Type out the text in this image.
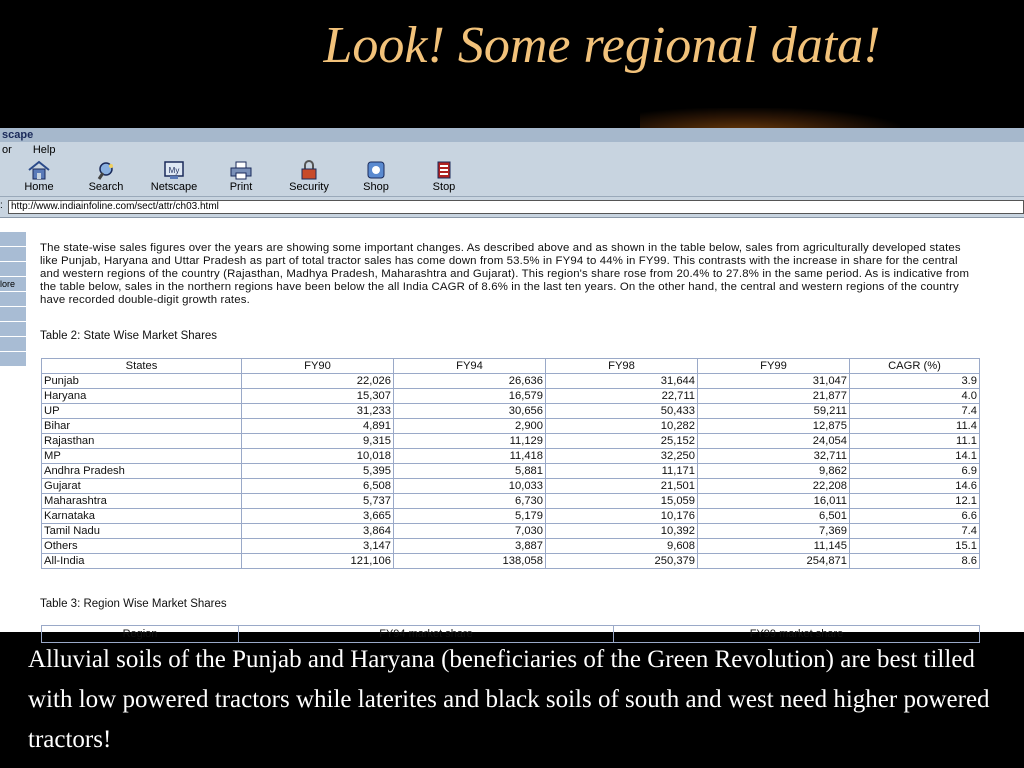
Look! Some regional data!
scape
or Help
Home	Search
My
Netscape	Print	Security	Shop	Stop
: http://www.indiainfoline.com/sect/attr/ch03.html
lore
The state-wise sales figures over the years are showing some important changes. As described above and as shown in the table below, sales from agriculturally developed states like Punjab, Haryana and Uttar Pradesh as part of total tractor sales has come down from 53.5% in FY94 to 44% in FY99. This contrasts with the increase in share for the central and western regions of the country (Rajasthan, Madhya Pradesh, Maharashtra and Gujarat). This region's share rose from 20.4% to 27.8% in the same period. As is indicative from the table below, sales in the northern regions have been below the all India CAGR of 8.6% in the last ten years. On the other hand, the central and western regions of the country have recorded double-digit growth rates.
Table 2: State Wise Market Shares
States	FY90	FY94	FY98	FY99	CAGR (%)
Punjab	22,026	26,636	31,644	31,047	3.9
Haryana	15,307	16,579	22,711	21,877	4.0
UP	31,233	30,656	50,433	59,211	7.4
Bihar	4,891	2,900	10,282	12,875	11.4
Rajasthan	9,315	11,129	25,152	24,054	11.1
MP	10,018	11,418	32,250	32,711	14.1
Andhra Pradesh	5,395	5,881	11,171	9,862	6.9
Gujarat	6,508	10,033	21,501	22,208	14.6
Maharashtra	5,737	6,730	15,059	16,011	12.1
Karnataka	3,665	5,179	10,176	6,501	6.6
Tamil Nadu	3,864	7,030	10,392	7,369	7.4
Others	3,147	3,887	9,608	11,145	15.1
All-India	121,106	138,058	250,379	254,871	8.6
Table 3: Region Wise Market Shares
Region	FY94 market share	FY99 market share
Alluvial soils of the Punjab and Haryana (beneficiaries of the Green Revolution) are best tilled with low powered tractors while laterites and black soils of south and west need higher powered tractors!
